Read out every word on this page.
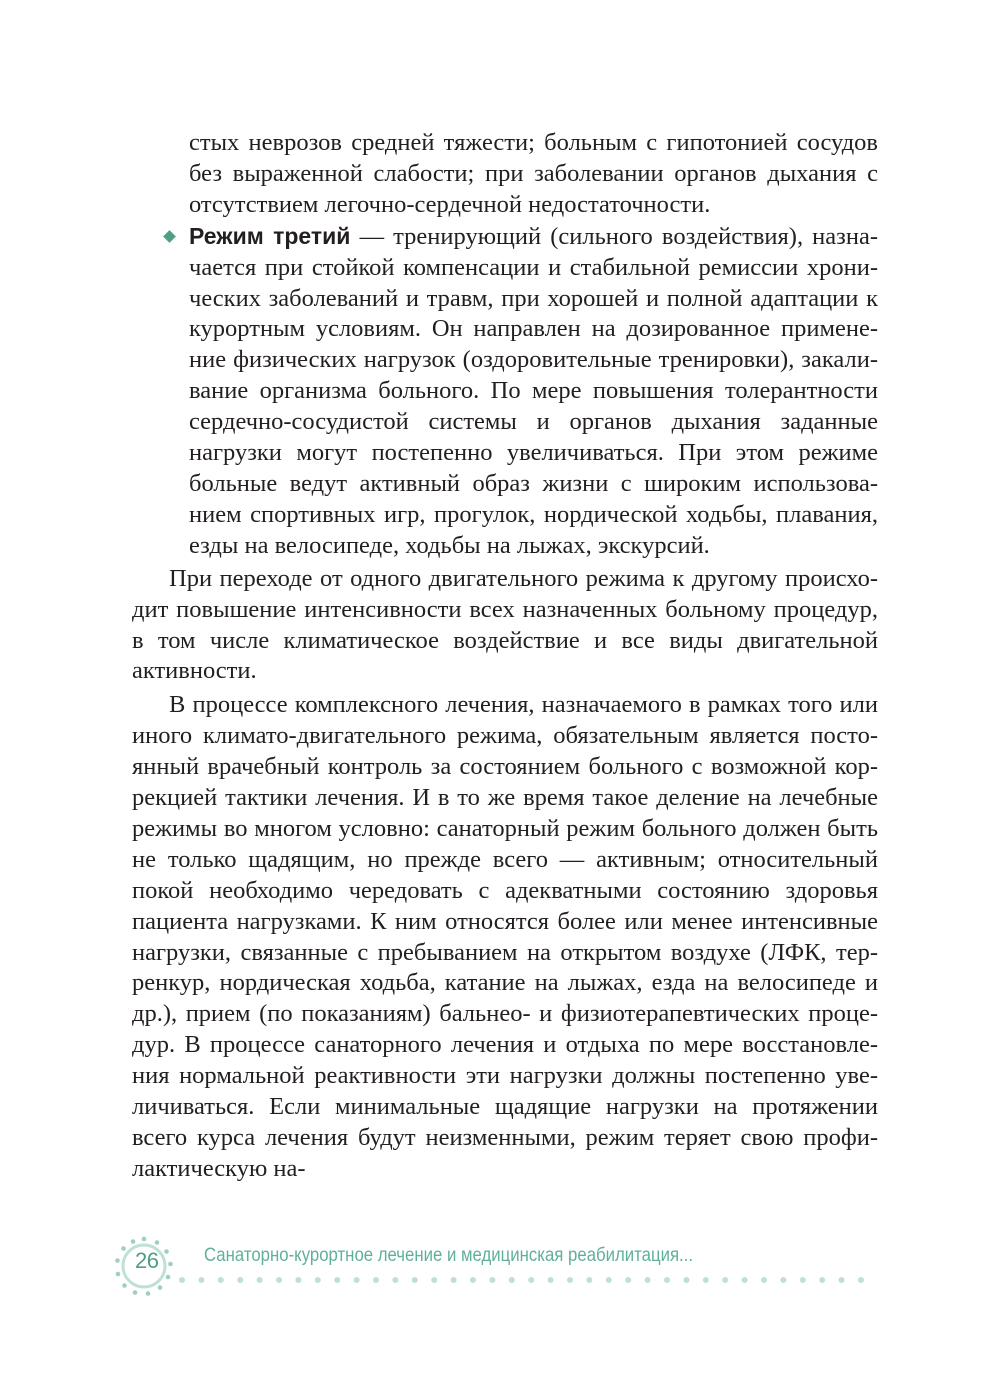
стых неврозов средней тяжести; больным с гипотонией сосудов без выраженной слабости; при заболевании органов дыхания с отсутствием легочно-сердечной недостаточности.
Режим третий — тренирующий (сильного воздействия), назначается при стойкой компенсации и стабильной ремиссии хронических заболеваний и травм, при хорошей и полной адаптации к курортным условиям. Он направлен на дозированное применение физических нагрузок (оздоровительные тренировки), закаливание организма больного. По мере повышения толерантности сердечно-сосудистой системы и органов дыхания заданные нагрузки могут постепенно увеличиваться. При этом режиме больные ведут активный образ жизни с широким использованием спортивных игр, прогулок, нордической ходьбы, плавания, езды на велосипеде, ходьбы на лыжах, экскурсий.
При переходе от одного двигательного режима к другому происходит повышение интенсивности всех назначенных больному процедур, в том числе климатическое воздействие и все виды двигательной активности.
В процессе комплексного лечения, назначаемого в рамках того или иного климато-двигательного режима, обязательным является постоянный врачебный контроль за состоянием больного с возможной коррекцией тактики лечения. И в то же время такое деление на лечебные режимы во многом условно: санаторный режим больного должен быть не только щадящим, но прежде всего — активным; относительный покой необходимо чередовать с адекватными состоянию здоровья пациента нагрузками. К ним относятся более или менее интенсивные нагрузки, связанные с пребыванием на открытом воздухе (ЛФК, терренкур, нордическая ходьба, катание на лыжах, езда на велосипеде и др.), прием (по показаниям) бальнео- и физиотерапевтических процедур. В процессе санаторного лечения и отдыха по мере восстановления нормальной реактивности эти нагрузки должны постепенно увеличиваться. Если минимальные щадящие нагрузки на протяжении всего курса лечения будут неизменными, режим теряет свою профилактическую на-
26 Санаторно-курортное лечение и медицинская реабилитация...
